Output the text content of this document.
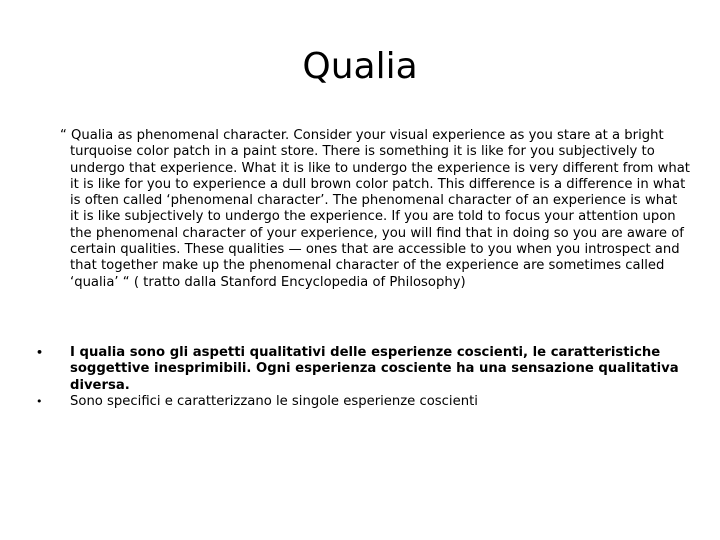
Qualia

“ Qualia as phenomenal character. Consider your visual experience as you stare at a bright turquoise color patch in a paint store. There is something it is like for you subjectively to undergo that experience. What it is like to undergo the experience is very different from what it is like for you to experience a dull brown color patch. This difference is a difference in what is often called ‘phenomenal character’. The phenomenal character of an experience is what it is like subjectively to undergo the experience. If you are told to focus your attention upon the phenomenal character of your experience, you will find that in doing so you are aware of certain qualities. These qualities — ones that are accessible to you when you introspect and that together make up the phenomenal character of the experience are sometimes called ‘qualia’ “ ( tratto dalla Stanford Encyclopedia of Philosophy)

• I qualia sono gli aspetti qualitativi delle esperienze coscienti, le caratteristiche soggettive inesprimibili. Ogni esperienza cosciente ha una sensazione qualitativa diversa.
• Sono specifici e caratterizzano le singole esperienze coscienti
